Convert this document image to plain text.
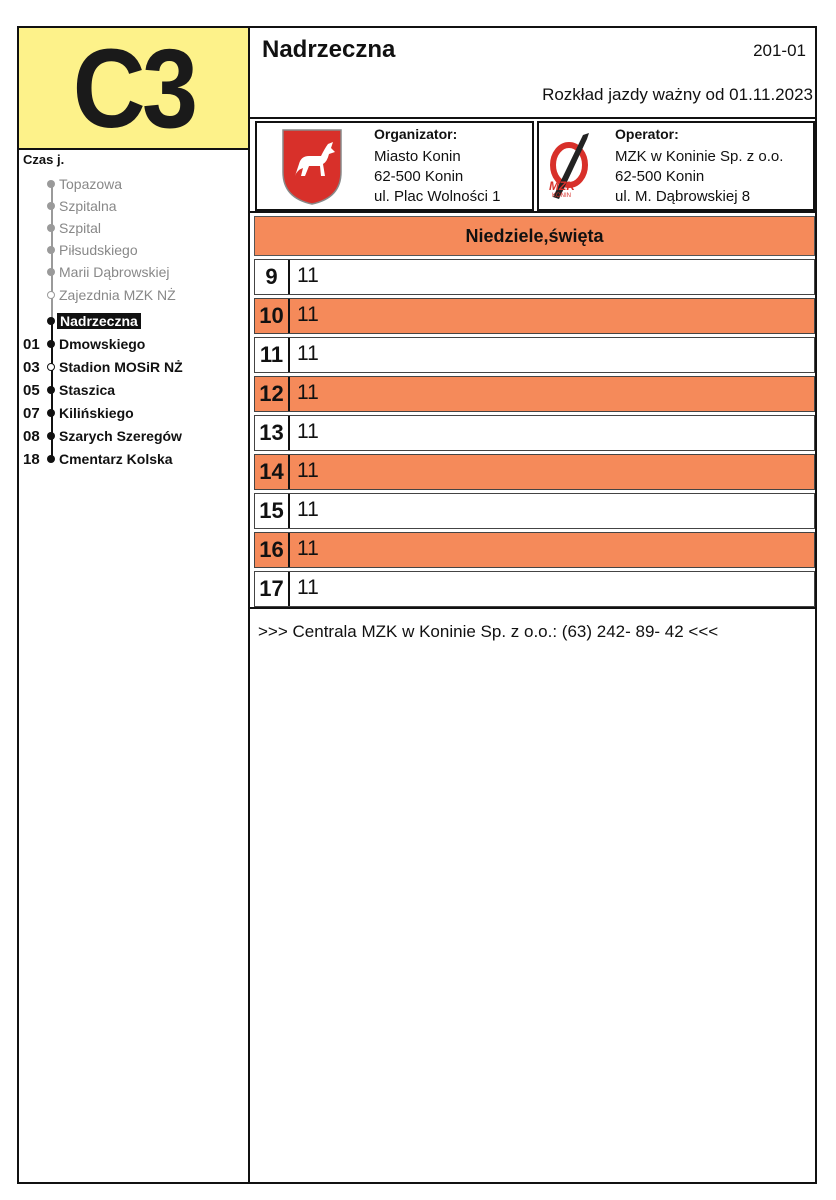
C3	Nadrzeczna	201-01
Rozkład jazdy ważny od 01.11.2023
Organizator:
Miasto Konin
62-500 Konin
ul. Plac Wolności 1
MZK
KONIN
Operator:
MZK w Koninie Sp. z o.o.
62-500 Konin
ul. M. Dąbrowskiej 8
Czas j.
Topazowa
Szpitalna
Szpital
Piłsudskiego
Marii Dąbrowskiej
Zajezdnia MZK NŻ
Nadrzeczna
01 Dmowskiego
03 Stadion MOSiR NŻ
05 Staszica
07 Kilińskiego
08 Szarych Szeregów
18 Cmentarz Kolska
Niedziele,święta
9 11
10 11
11 11
12 11
13 11
14 11
15 11
16 11
17 11
>>> Centrala MZK w Koninie Sp. z o.o.: (63) 242- 89- 42 <<<
